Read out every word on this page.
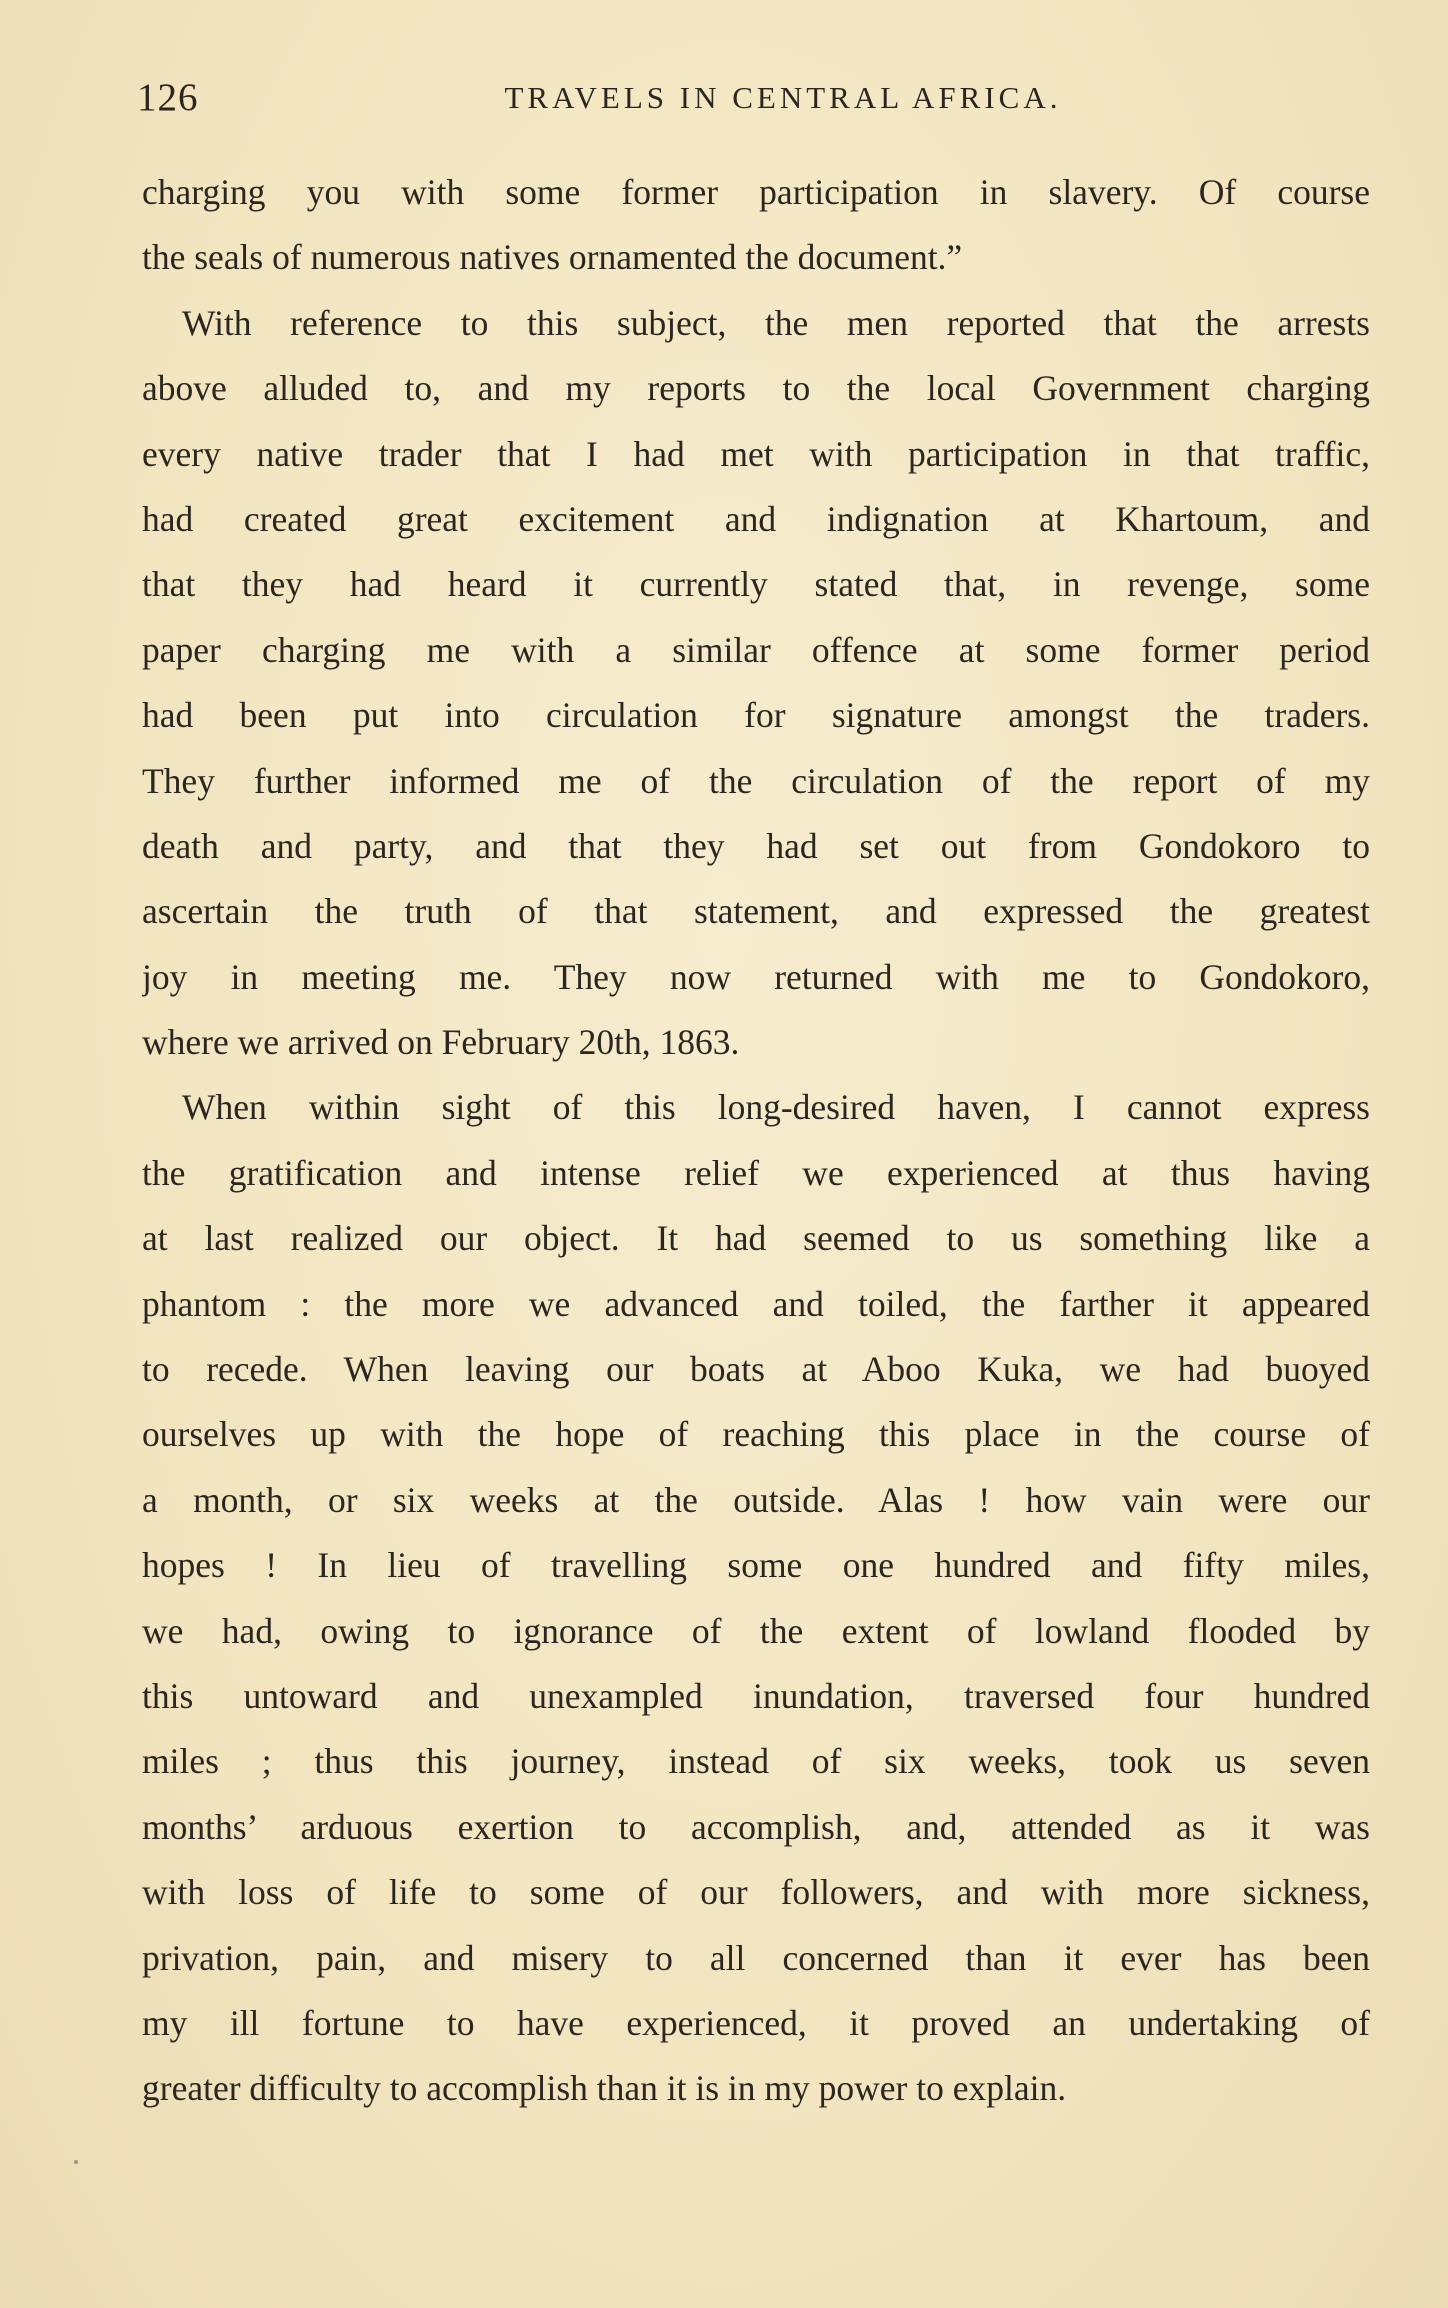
126	TRAVELS IN CENTRAL AFRICA.
charging you with some former participation in slavery. Of course
the seals of numerous natives ornamented the document.”
With reference to this subject, the men reported that the arrests
above alluded to, and my reports to the local Government charging
every native trader that I had met with participation in that traffic,
had created great excitement and indignation at Khartoum, and
that they had heard it currently stated that, in revenge, some
paper charging me with a similar offence at some former period
had been put into circulation for signature amongst the traders.
They further informed me of the circulation of the report of my
death and party, and that they had set out from Gondokoro to
ascertain the truth of that statement, and expressed the greatest
joy in meeting me. They now returned with me to Gondokoro,
where we arrived on February 20th, 1863.
When within sight of this long-desired haven, I cannot express
the gratification and intense relief we experienced at thus having
at last realized our object. It had seemed to us something like a
phantom : the more we advanced and toiled, the farther it appeared
to recede. When leaving our boats at Aboo Kuka, we had buoyed
ourselves up with the hope of reaching this place in the course of
a month, or six weeks at the outside. Alas ! how vain were our
hopes ! In lieu of travelling some one hundred and fifty miles,
we had, owing to ignorance of the extent of lowland flooded by
this untoward and unexampled inundation, traversed four hundred
miles ; thus this journey, instead of six weeks, took us seven
months’ arduous exertion to accomplish, and, attended as it was
with loss of life to some of our followers, and with more sickness,
privation, pain, and misery to all concerned than it ever has been
my ill fortune to have experienced, it proved an undertaking of
greater difficulty to accomplish than it is in my power to explain.
